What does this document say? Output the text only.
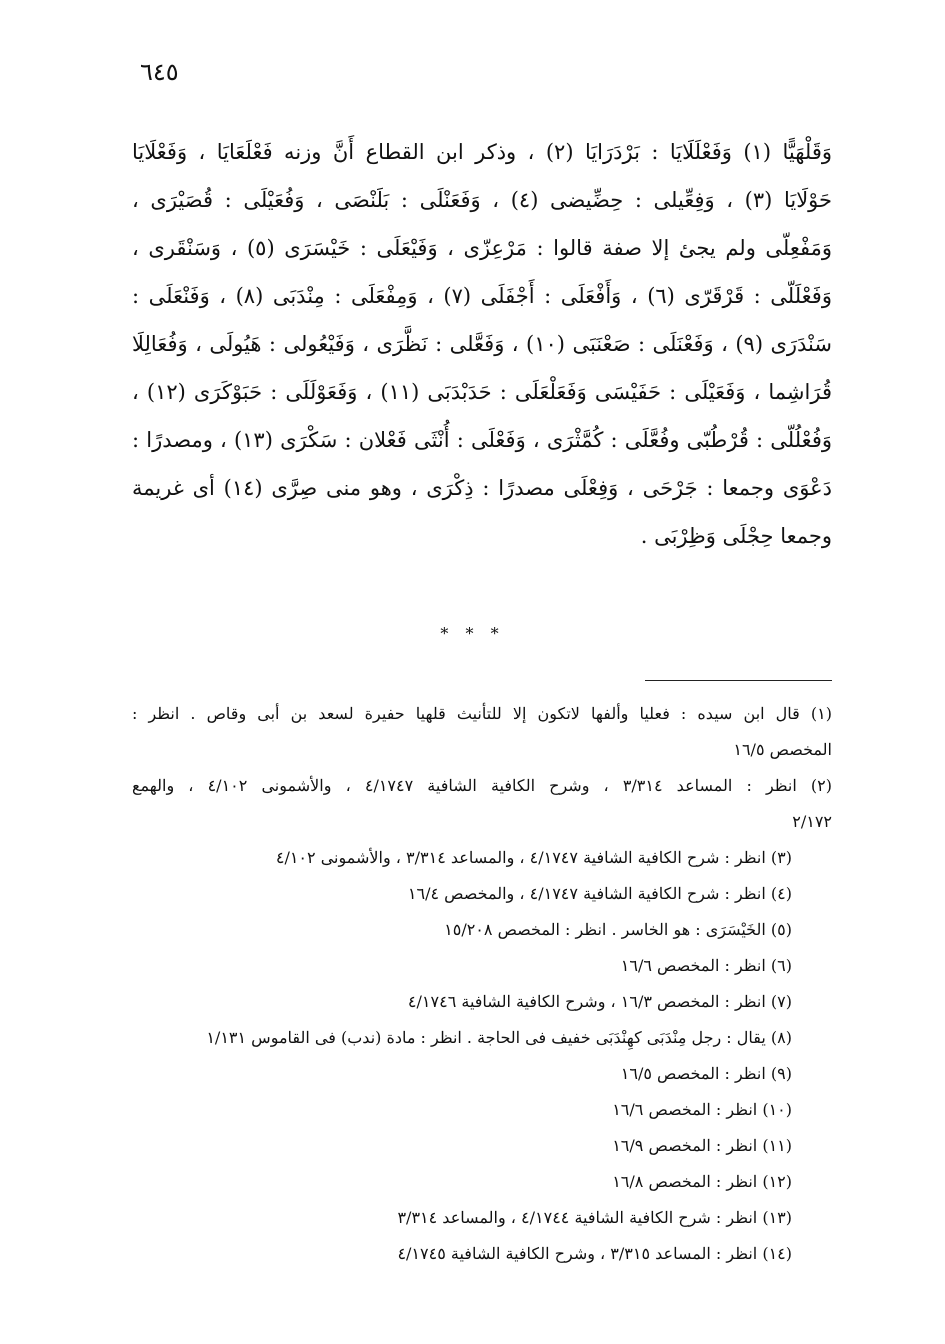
٦٤٥
وَقَلْهَيًّا (١) وَفَعْلَلَايَا : بَرْدَرَايَا (٢) ، وذكر ابن القطاع أَنَّ وزنه فَعْلَعَايَا ، وَفَعْلَايَا
حَوْلَايَا (٣) ، وَفِعِّيلى : حِضِّيضى (٤) ، وَفَعَنْلَى : بَلَنْصَى ، وَفُعَيْلَى : قُصَيْرَى ،
وَمَفْعِلّى ولم يجئ إلا صفة قالوا : مَرْعِزّى ، وَفَيْعَلَى : خَيْسَرَى (٥) ، وَسَنْقَرى ،
وَفَعْلَلّى : قَرْقَرّى (٦) ، وَأَفْعَلَى : أَجْفَلَى (٧) ، وَمِفْعَلَى : مِنْدَبَى (٨) ، وَفَنْعَلَى :
سَنْدَرَى (٩) ، وَفَعْنَلَى : صَعْنَبَى (١٠) ، وَفَعَّلى : نَظَّرَى ، وَفَيْعُولى : هَيُولَى ، وَفُعَالِلَا
قُرَاشِما ، وَفَعَيْلَى : حَفَيْسَى وَفَعَلْعَلَى : حَدَبْدَبَى (١١) ، وَفَعَوْلَلَى : حَبَوْكَرَى (١٢) ،
وَفُعْلُلّى : قُرْطُبّى وفُعَّلَى : كُمَّثْرَى ، وَفَعْلَى : أُنْثَى فَعْلان : سَكْرَى (١٣) ، ومصدرًا :
دَعْوَى وجمعا : جَرْحَى ، وَفِعْلَى مصدرًا : ذِكْرَى ، وهو منى صِرَّى (١٤) أى غريمة
وجمعا حِجْلَى وَظِرْبَى .
* * *
(١) قال ابن سيده : فعليا وألفها لاتكون إلا للتأنيث قلهيا حفيرة لسعد بن أبى وقاص . انظر :
المخصص ١٦/٥
(٢) انظر : المساعد ٣/٣١٤ ، وشرح الكافية الشافية ٤/١٧٤٧ ، والأشمونى ٤/١٠٢ ، والهمع
٢/١٧٢
(٣) انظر : شرح الكافية الشافية ٤/١٧٤٧ ، والمساعد ٣/٣١٤ ، والأشمونى ٤/١٠٢
(٤) انظر : شرح الكافية الشافية ٤/١٧٤٧ ، والمخصص ١٦/٤
(٥) الخَيْسَرَى : هو الخاسر . انظر : المخصص ١٥/٢٠٨
(٦) انظر : المخصص ١٦/٦
(٧) انظر : المخصص ١٦/٣ ، وشرح الكافية الشافية ٤/١٧٤٦
(٨) يقال : رجل مِنْدَبَى كهِنْدَبَى خفيف فى الحاجة . انظر : مادة (ندب) فى القاموس ١/١٣١
(٩) انظر : المخصص ١٦/٥
(١٠) انظر : المخصص ١٦/٦
(١١) انظر : المخصص ١٦/٩
(١٢) انظر : المخصص ١٦/٨
(١٣) انظر : شرح الكافية الشافية ٤/١٧٤٤ ، والمساعد ٣/٣١٤
(١٤) انظر : المساعد ٣/٣١٥ ، وشرح الكافية الشافية ٤/١٧٤٥
